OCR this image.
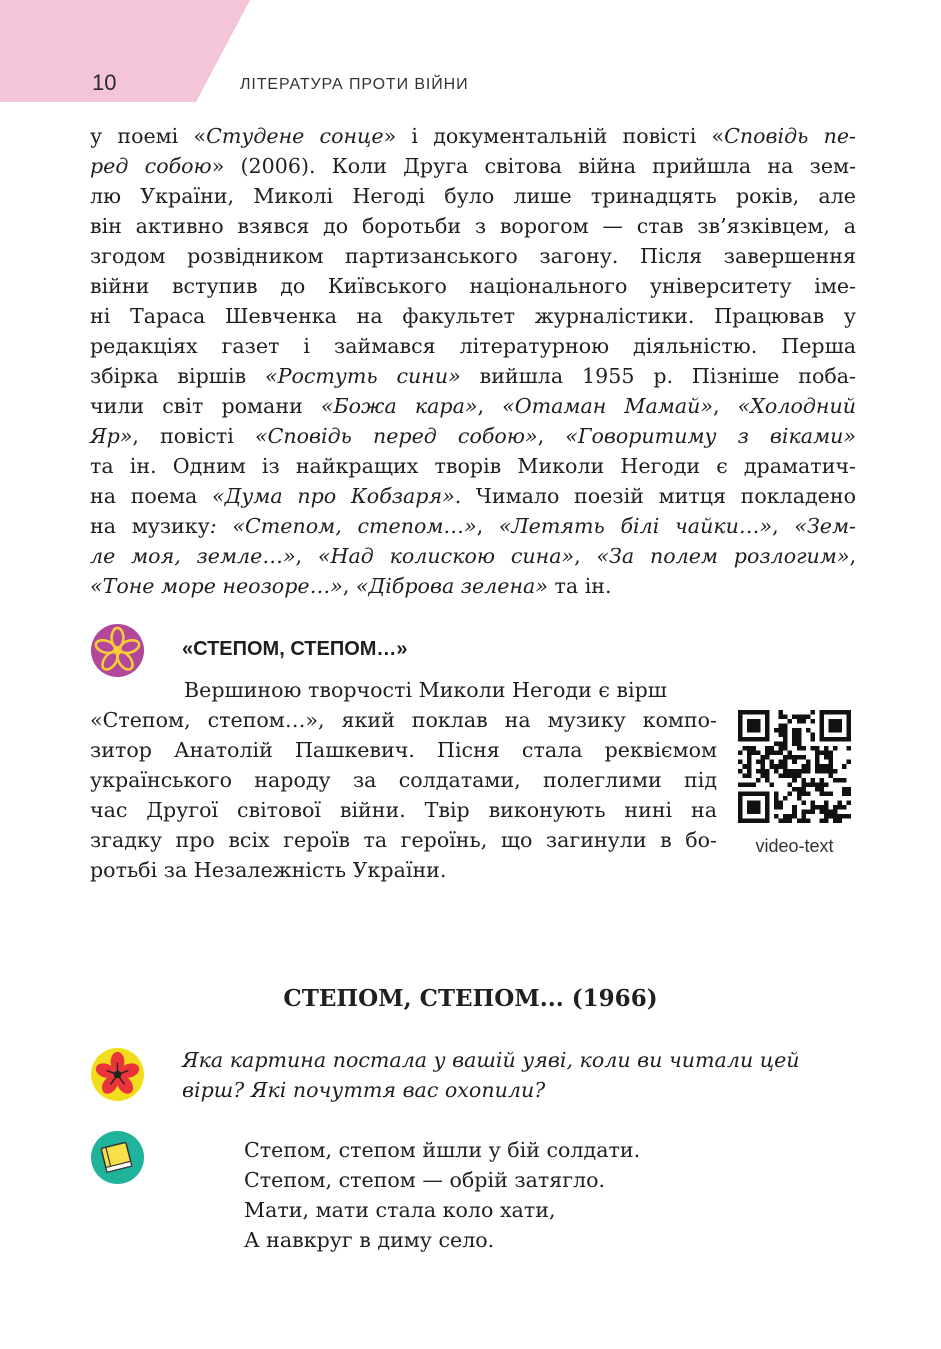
10	ЛІТЕРАТУРА ПРОТИ ВІЙНИ
у поемі «Студене сонце» і документальній повісті «Сповідь пе-
ред собою» (2006). Коли Друга світова війна прийшла на зем-
лю України, Миколі Негоді було лише тринадцять років, але
він активно взявся до боротьби з ворогом — став зв’язківцем, а
згодом розвідником партизанського загону. Після завершення
війни вступив до Київського національного університету іме-
ні Тараса Шевченка на факультет журналістики. Працював у
редакціях газет і займався літературною діяльністю. Перша
збірка віршів «Ростуть сини» вийшла 1955 р. Пізніше поба-
чили світ романи «Божа кара», «Отаман Мамай», «Холодний
Яр», повісті «Сповідь перед собою», «Говоритиму з віками»
та ін. Одним із найкращих творів Миколи Негоди є драматич-
на поема «Дума про Кобзаря». Чимало поезій митця покладено
на музику: «Степом, степом…», «Летять білі чайки…», «Зем-
ле моя, земле…», «Над колискою сина», «За полем розлогим»,
«Тоне море неозоре…», «Діброва зелена» та ін.
«СТЕПОМ, СТЕПОМ…»
Вершиною творчості Миколи Негоди є вірш
«Степом, степом…», який поклав на музику компо-
зитор Анатолій Пашкевич. Пісня стала реквіємом
українського народу за солдатами, полеглими під
час Другої світової війни. Твір виконують нині на
згадку про всіх героїв та героїнь, що загинули в бо-
ротьбі за Незалежність України.
video-text
СТЕПОМ, СТЕПОМ... (1966)
Яка картина постала у вашій уяві, коли ви читали цей
вірш? Які почуття вас охопили?
Степом, степом йшли у бій солдати.
Степом, степом — обрій затягло.
Мати, мати стала коло хати,
А навкруг в диму село.
